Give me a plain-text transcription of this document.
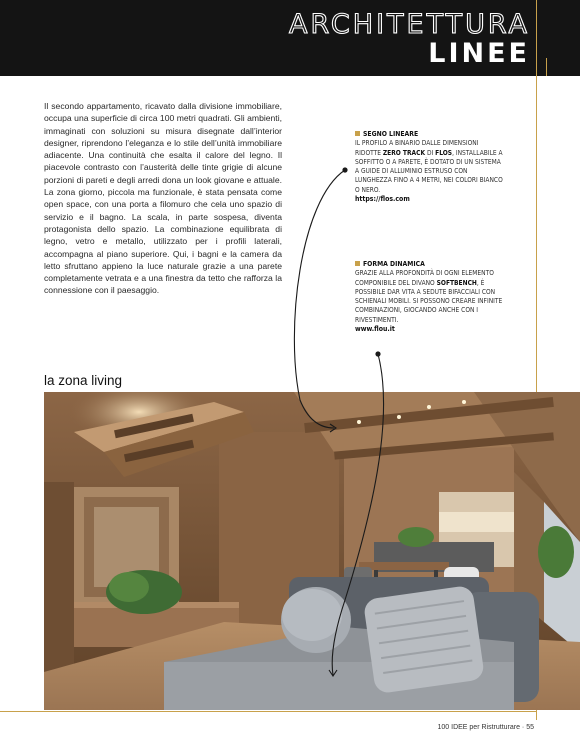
ARCHITETTURA
LINEE

Il secondo appartamento, ricavato dalla divisione immobiliare, occupa una superficie di circa 100 metri quadrati. Gli ambienti, immaginati con soluzioni su misura disegnate dall’interior designer, riprendono l’eleganza e lo stile dell’unità immobiliare adiacente. Una continuità che esalta il calore del legno. Il piacevole contrasto con l’austerità delle tinte grigie di alcune porzioni di pareti e degli arredi dona un look giovane e attuale. La zona giorno, piccola ma funzionale, è stata pensata come open space, con una porta a filomuro che cela uno spazio di servizio e il bagno. La scala, in parte sospesa, diventa protagonista dello spazio. La combinazione equilibrata di legno, vetro e metallo, utilizzato per i profili laterali, accompagna al piano superiore. Qui, i bagni e la camera da letto sfruttano appieno la luce naturale grazie a una parete completamente vetrata e a una finestra da tetto che rafforza la connessione con il paesaggio.

SEGNO LINEARE
IL PROFILO A BINARIO DALLE DIMENSIONI RIDOTTE ZERO TRACK DI FLOS, INSTALLABILE A SOFFITTO O A PARETE, È DOTATO DI UN SISTEMA A GUIDE DI ALLUMINIO ESTRUSO CON LUNGHEZZA FINO A 4 METRI, NEI COLORI BIANCO O NERO.
https://flos.com
FORMA DINAMICA
GRAZIE ALLA PROFONDITÀ DI OGNI ELEMENTO COMPONIBILE DEL DIVANO SOFTBENCH, È POSSIBILE DAR VITA A SEDUTE BIFACCIALI CON SCHIENALI MOBILI. SI POSSONO CREARE INFINITE COMBINAZIONI, GIOCANDO ANCHE CON I RIVESTIMENTI.
www.flou.it
la zona living
100 IDEE per Ristrutturare · 55
